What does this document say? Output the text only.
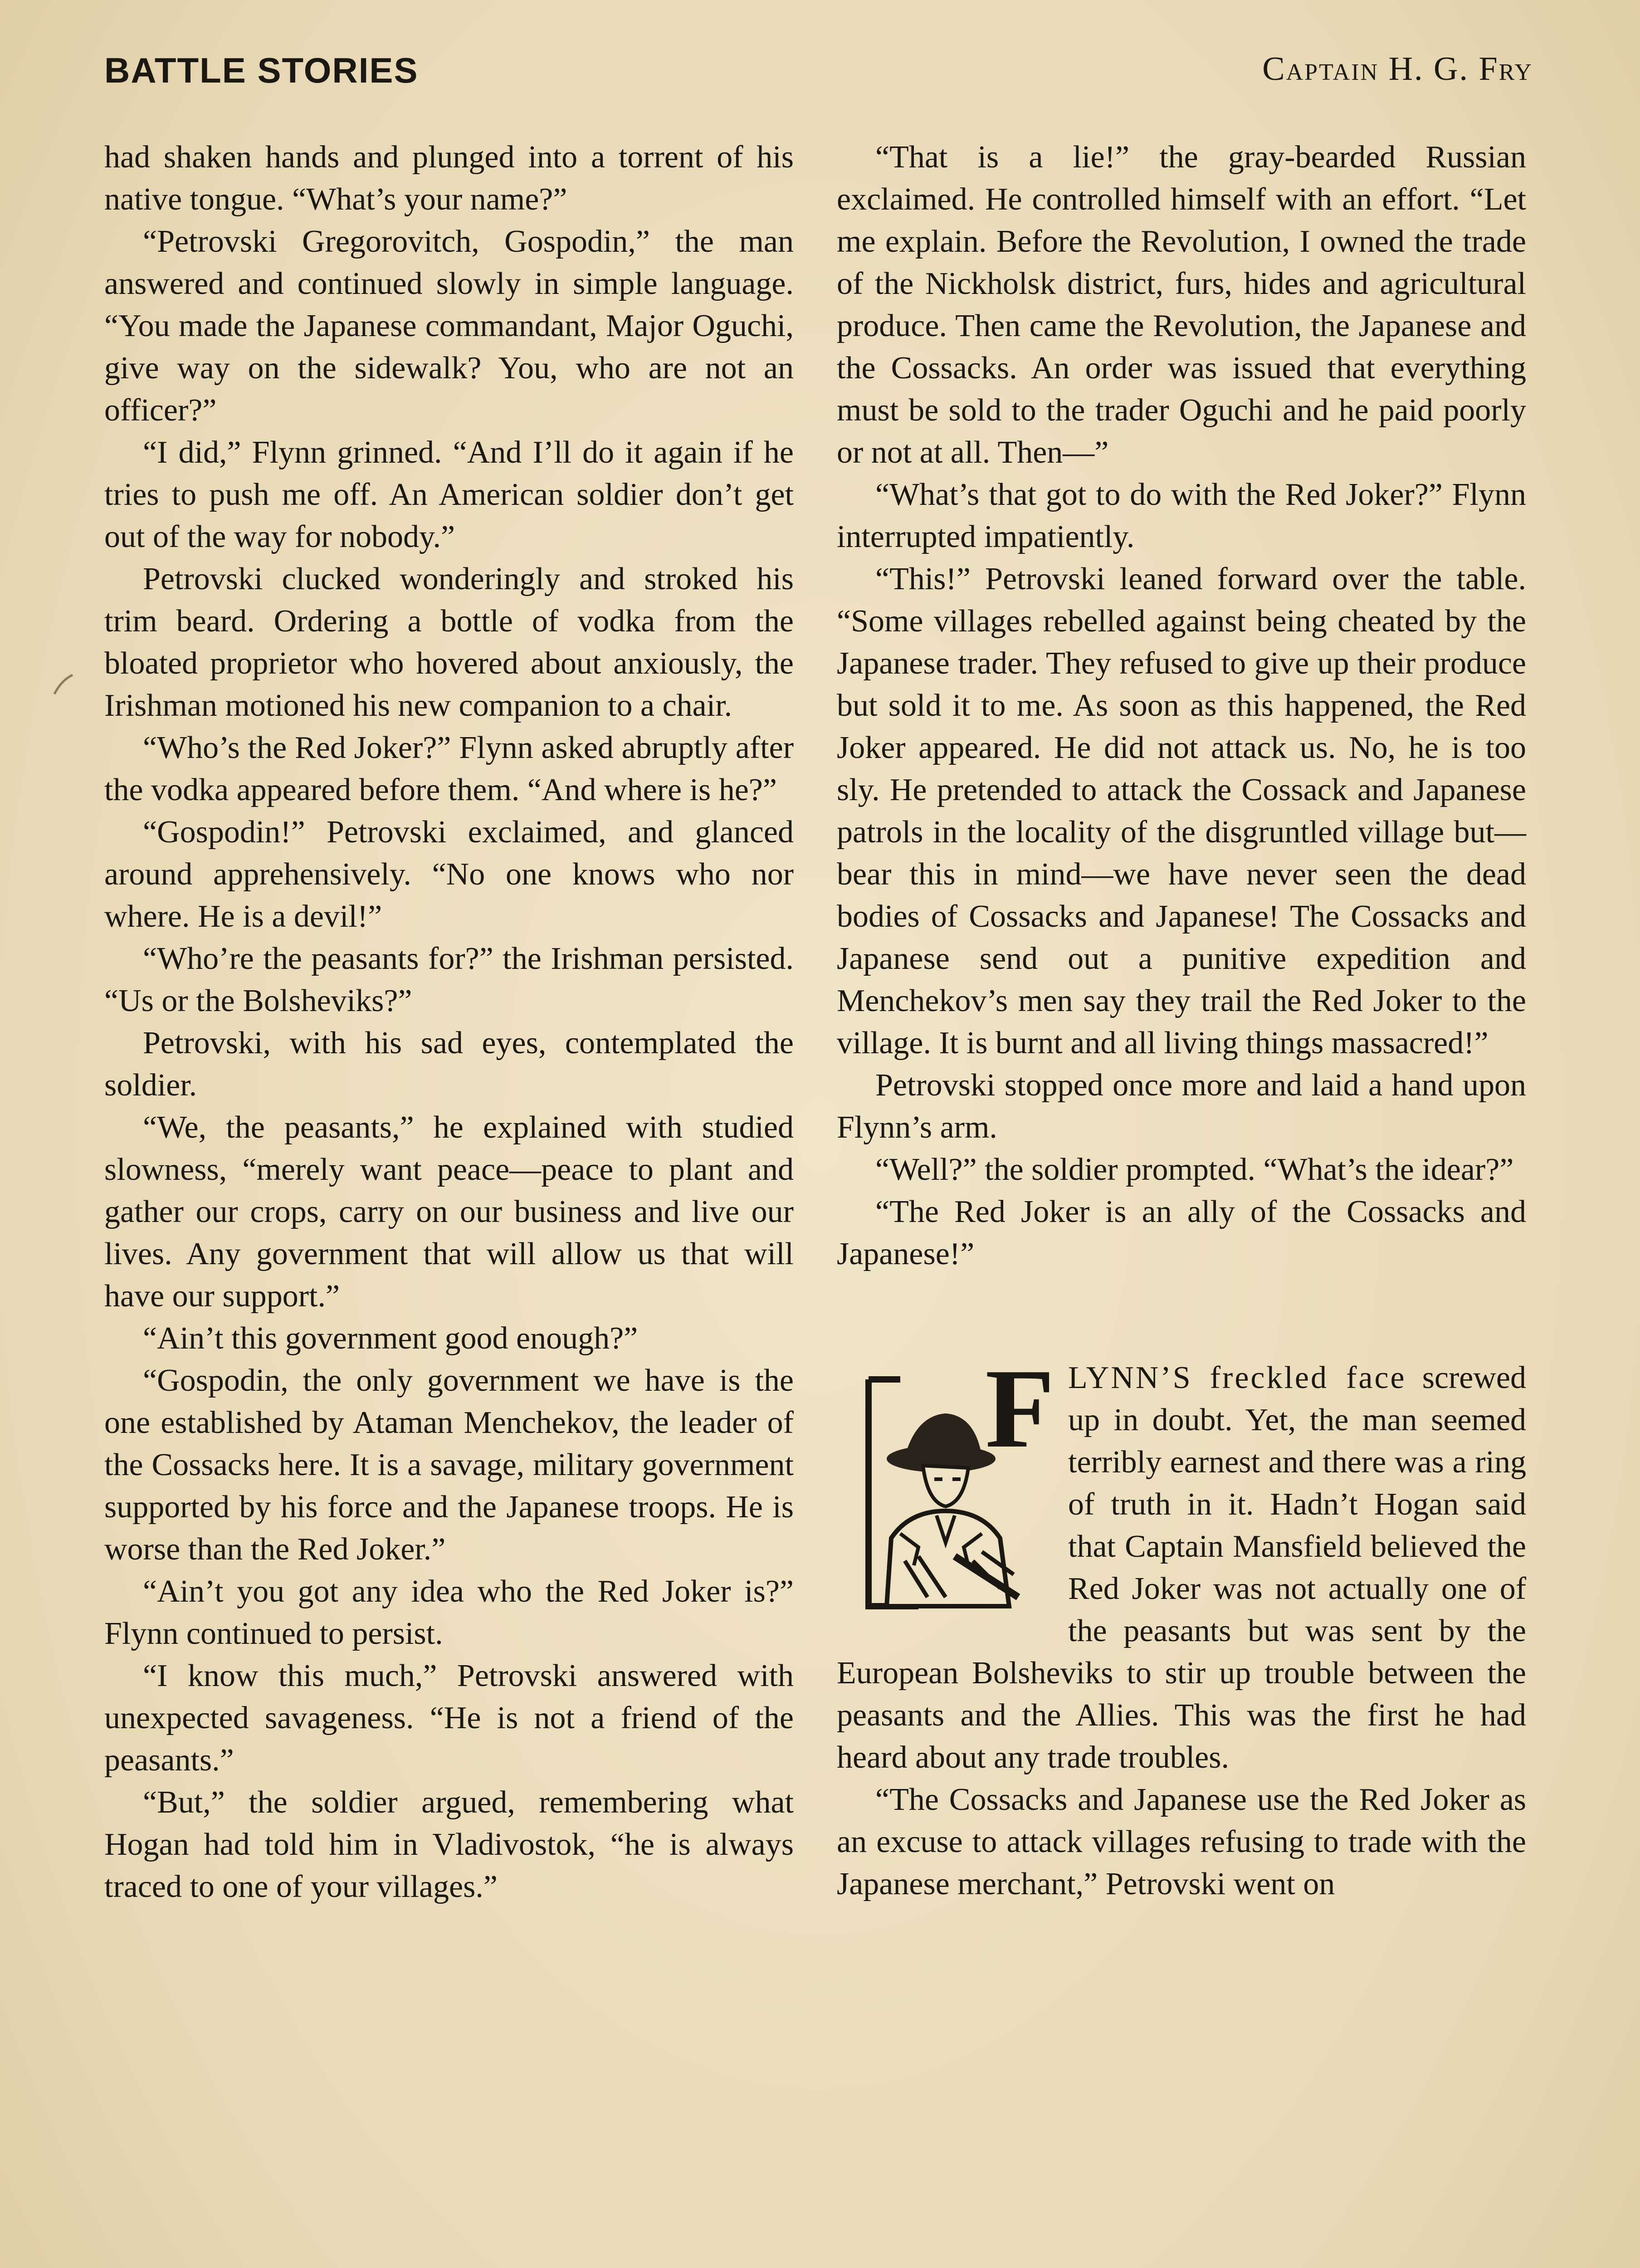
BATTLE STORIES	Captain H. G. Fry

had shaken hands and plunged into a torrent of his native tongue. “What’s your name?”

“Petrovski Gregorovitch, Gospodin,” the man answered and continued slowly in simple language. “You made the Japanese commandant, Major Oguchi, give way on the sidewalk? You, who are not an officer?”

“I did,” Flynn grinned. “And I’ll do it again if he tries to push me off. An American soldier don’t get out of the way for nobody.”

Petrovski clucked wonderingly and stroked his trim beard. Ordering a bottle of vodka from the bloated proprietor who hovered about anxiously, the Irishman motioned his new companion to a chair.

“Who’s the Red Joker?” Flynn asked abruptly after the vodka appeared before them. “And where is he?”

“Gospodin!” Petrovski exclaimed, and glanced around apprehensively. “No one knows who nor where. He is a devil!”

“Who’re the peasants for?” the Irishman persisted. “Us or the Bolsheviks?”

Petrovski, with his sad eyes, contemplated the soldier.

“We, the peasants,” he explained with studied slowness, “merely want peace—peace to plant and gather our crops, carry on our business and live our lives. Any government that will allow us that will have our support.”

“Ain’t this government good enough?”

“Gospodin, the only government we have is the one established by Ataman Menchekov, the leader of the Cossacks here. It is a savage, military government supported by his force and the Japanese troops. He is worse than the Red Joker.”

“Ain’t you got any idea who the Red Joker is?” Flynn continued to persist.

“I know this much,” Petrovski answered with unexpected savageness. “He is not a friend of the peasants.”

“But,” the soldier argued, remembering what Hogan had told him in Vladivostok, “he is always traced to one of your villages.”

“That is a lie!” the gray-bearded Russian exclaimed. He controlled himself with an effort. “Let me explain. Before the Revolution, I owned the trade of the Nickholsk district, furs, hides and agricultural produce. Then came the Revolution, the Japanese and the Cossacks. An order was issued that everything must be sold to the trader Oguchi and he paid poorly or not at all. Then—”

“What’s that got to do with the Red Joker?” Flynn interrupted impatiently.

“This!” Petrovski leaned forward over the table. “Some villages rebelled against being cheated by the Japanese trader. They refused to give up their produce but sold it to me. As soon as this happened, the Red Joker appeared. He did not attack us. No, he is too sly. He pretended to attack the Cossack and Japanese patrols in the locality of the disgruntled village but—bear this in mind—we have never seen the dead bodies of Cossacks and Japanese! The Cossacks and Japanese send out a punitive expedition and Menchekov’s men say they trail the Red Joker to the village. It is burnt and all living things massacred!”

Petrovski stopped once more and laid a hand upon Flynn’s arm.

“Well?” the soldier prompted. “What’s the idear?”

“The Red Joker is an ally of the Cossacks and Japanese!”

F LYNN’S freckled face screwed up in doubt. Yet, the man seemed terribly earnest and there was a ring of truth in it. Hadn’t Hogan said that Captain Mansfield believed the Red Joker was not actually one of the peasants but was sent by the European Bolsheviks to stir up trouble between the peasants and the Allies. This was the first he had heard about any trade troubles.

“The Cossacks and Japanese use the Red Joker as an excuse to attack villages refusing to trade with the Japanese merchant,” Petrovski went on
